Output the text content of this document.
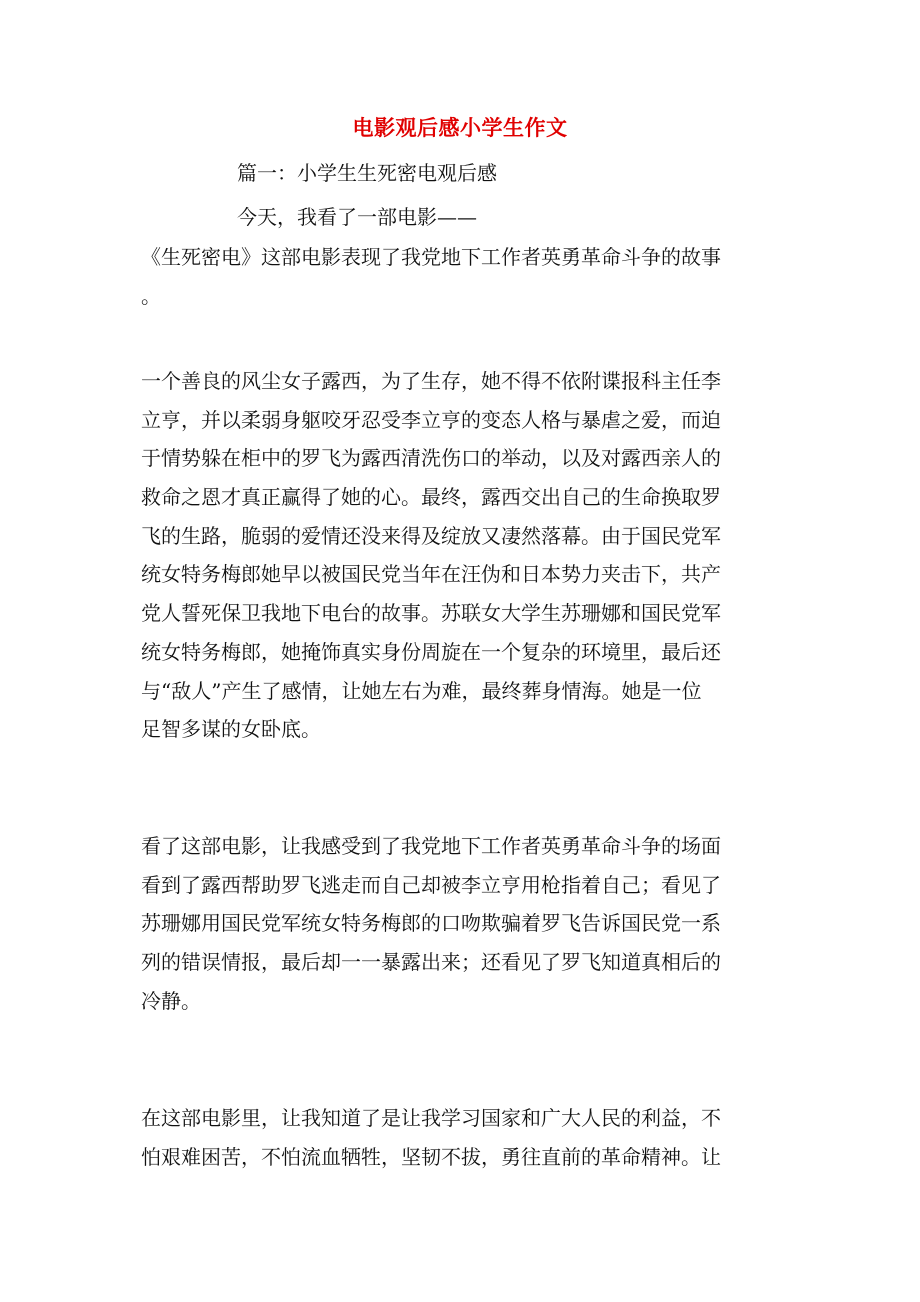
电影观后感小学生作文
篇一：小学生生死密电观后感
今天，我看了一部电影——
《生死密电》这部电影表现了我党地下工作者英勇革命斗争的故事
。
一个善良的风尘女子露西，为了生存，她不得不依附谍报科主任李
立亨，并以柔弱身躯咬牙忍受李立亨的变态人格与暴虐之爱，而迫
于情势躲在柜中的罗飞为露西清洗伤口的举动，以及对露西亲人的
救命之恩才真正赢得了她的心。最终，露西交出自己的生命换取罗
飞的生路，脆弱的爱情还没来得及绽放又凄然落幕。由于国民党军
统女特务梅郎她早以被国民党当年在汪伪和日本势力夹击下，共产
党人誓死保卫我地下电台的故事。苏联女大学生苏珊娜和国民党军
统女特务梅郎，她掩饰真实身份周旋在一个复杂的环境里，最后还
与“敌人”产生了感情，让她左右为难，最终葬身情海。她是一位
足智多谋的女卧底。
看了这部电影，让我感受到了我党地下工作者英勇革命斗争的场面
看到了露西帮助罗飞逃走而自己却被李立亨用枪指着自己；看见了
苏珊娜用国民党军统女特务梅郎的口吻欺骗着罗飞告诉国民党一系
列的错误情报，最后却一一暴露出来；还看见了罗飞知道真相后的
冷静。
在这部电影里，让我知道了是让我学习国家和广大人民的利益，不
怕艰难困苦，不怕流血牺牲，坚韧不拔，勇往直前的革命精神。让
